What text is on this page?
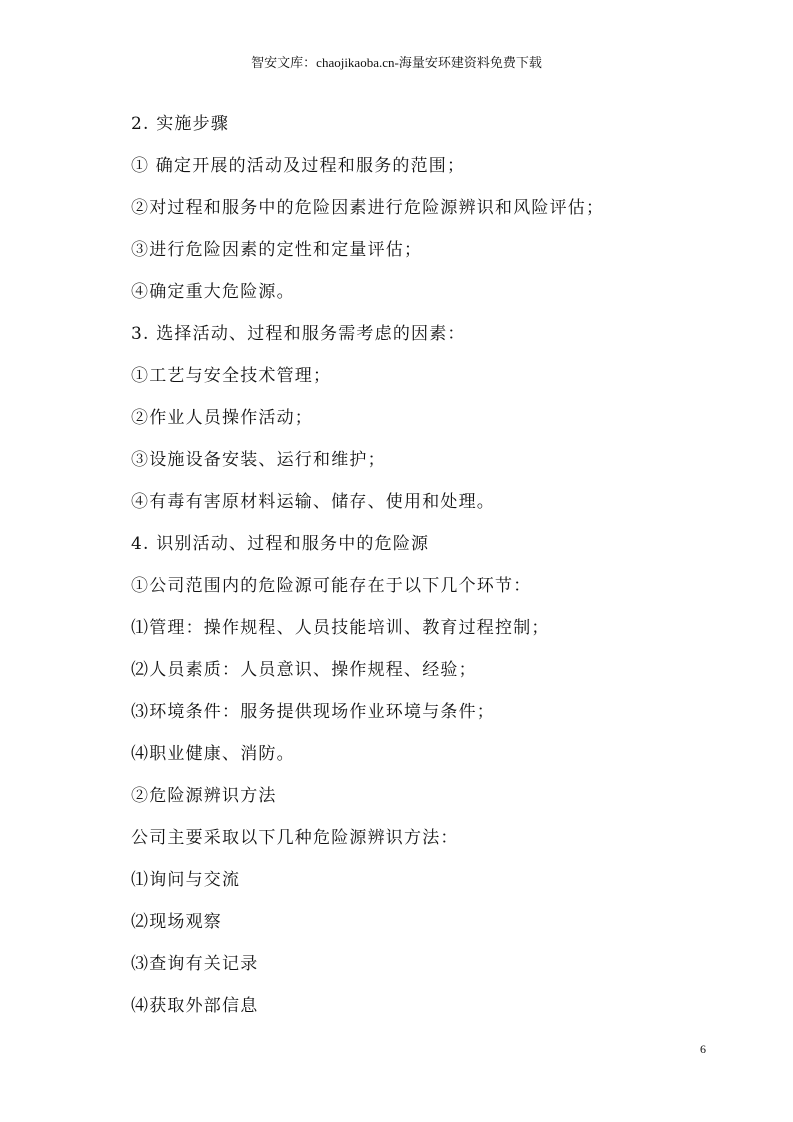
智安文库：chaojikaoba.cn-海量安环建资料免费下载
2. 实施步骤
① 确定开展的活动及过程和服务的范围；
②对过程和服务中的危险因素进行危险源辨识和风险评估；
③进行危险因素的定性和定量评估；
④确定重大危险源。
3. 选择活动、过程和服务需考虑的因素：
①工艺与安全技术管理；
②作业人员操作活动；
③设施设备安装、运行和维护；
④有毒有害原材料运输、储存、使用和处理。
4. 识别活动、过程和服务中的危险源
①公司范围内的危险源可能存在于以下几个环节：
⑴管理：操作规程、人员技能培训、教育过程控制；
⑵人员素质：人员意识、操作规程、经验；
⑶环境条件：服务提供现场作业环境与条件；
⑷职业健康、消防。
②危险源辨识方法
公司主要采取以下几种危险源辨识方法：
⑴询问与交流
⑵现场观察
⑶查询有关记录
⑷获取外部信息
6
